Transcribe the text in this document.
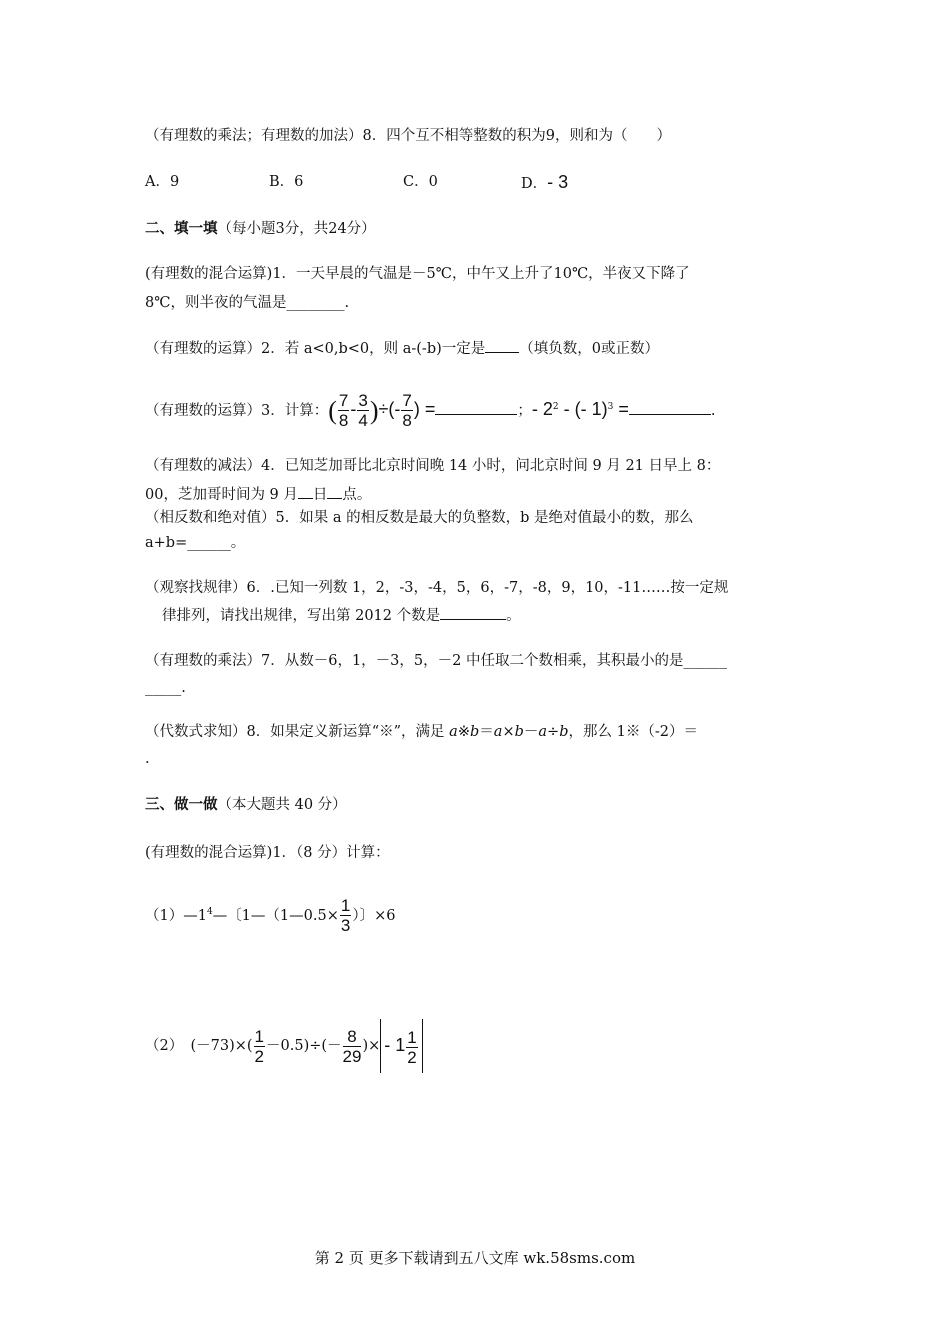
（有理数的乘法；有理数的加法）8．四个互不相等整数的积为9，则和为（　　）
A．9	B．6	C．0	D．- 3
二、填一填（每小题3分，共24分）
(有理数的混合运算)1．一天早晨的气温是－5℃，中午又上升了10℃，半夜又下降了
8℃，则半夜的气温是________.
（有理数的运算）2．若 a<0,b<0，则 a-(-b)一定是 （填负数，0或正数）
（有理数的运算）3．计算：( $\frac{7}{8} - \frac{3}{4}$ )÷(- $\frac{7}{8}$ ) =	；- $2^2$ - (- 1)$^3$ =	.
（有理数的减法）4．已知芝加哥比北京时间晚 14 小时，问北京时间 9 月 21 日早上 8：
00，芝加哥时间为 9 月 日 点。
（相反数和绝对值）5．如果 a 的相反数是最大的负整数，b 是绝对值最小的数，那么
a+b=______。
（观察找规律）6．.已知一列数 1，2，-3，-4，5，6，-7，-8，9，10，-11……按一定规
律排列，请找出规律，写出第 2012 个数是	。
（有理数的乘法）7．从数－6，1，－3，5，－2 中任取二个数相乘，其积最小的是______
_____.
（代数式求知）8．如果定义新运算“※”，满足 a※b＝a×b－a÷b，那么 1※（-2）＝
.
三、做一做（本大题共 40 分）
(有理数的混合运算)1．（8 分）计算：
$(1)—1^4—$〔1—（1—0.5× $\frac{1}{3}$ ）〕×6
（2）　$(-73)\times( \frac{1}{2} -0.5)\div(- \frac{8}{29}$ )× - $1 \frac{1}{2}$
第 2 页 更多下载请到五八文库 wk.58sms.com
